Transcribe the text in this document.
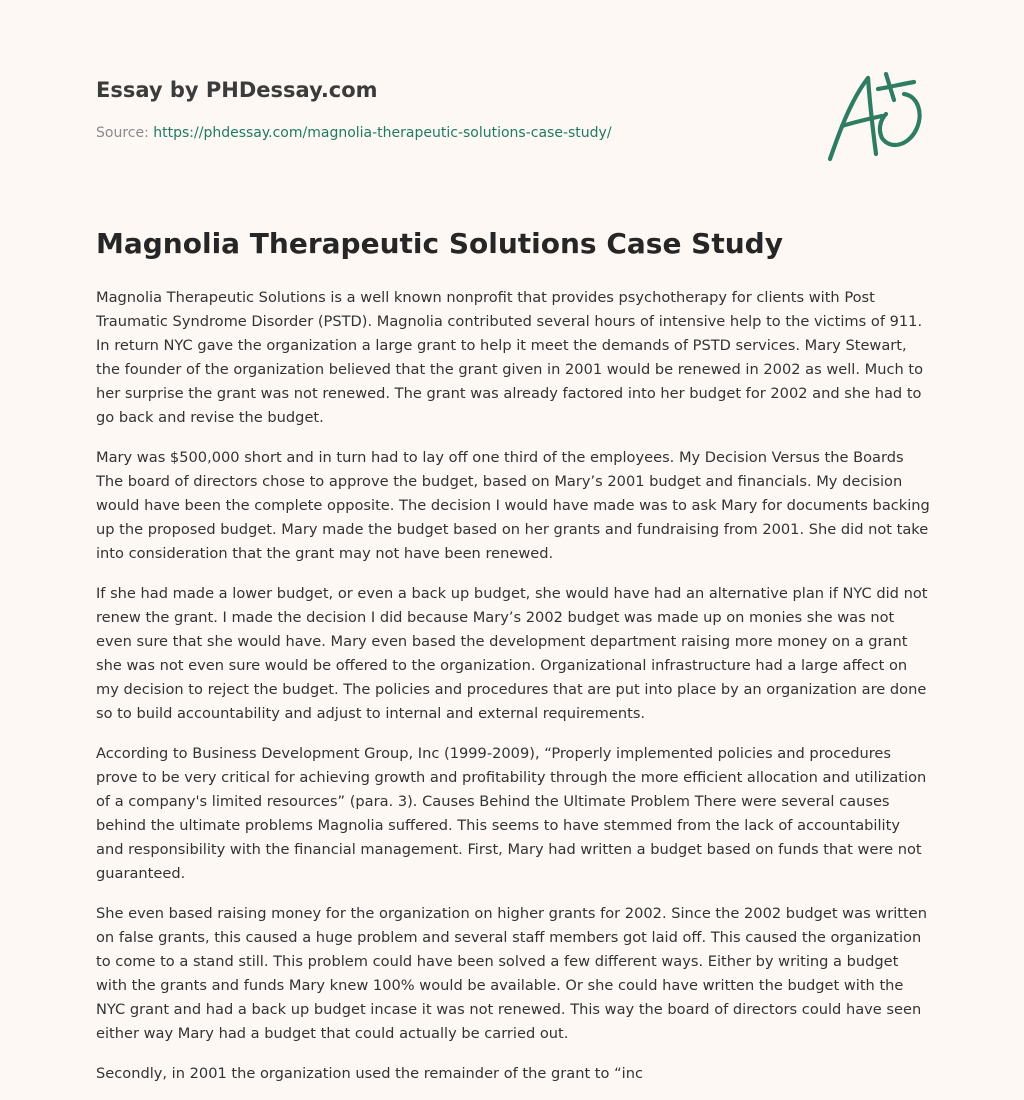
Essay by PHDessay.com
Source: https://phdessay.com/magnolia-therapeutic-solutions-case-study/
Magnolia Therapeutic Solutions Case Study

Magnolia Therapeutic Solutions is a well known nonprofit that provides psychotherapy for clients with Post Traumatic Syndrome Disorder (PSTD). Magnolia contributed several hours of intensive help to the victims of 911. In return NYC gave the organization a large grant to help it meet the demands of PSTD services. Mary Stewart, the founder of the organization believed that the grant given in 2001 would be renewed in 2002 as well. Much to her surprise the grant was not renewed. The grant was already factored into her budget for 2002 and she had to go back and revise the budget.

Mary was $500,000 short and in turn had to lay off one third of the employees. My Decision Versus the Boards The board of directors chose to approve the budget, based on Mary’s 2001 budget and financials. My decision would have been the complete opposite. The decision I would have made was to ask Mary for documents backing up the proposed budget. Mary made the budget based on her grants and fundraising from 2001. She did not take into consideration that the grant may not have been renewed.

If she had made a lower budget, or even a back up budget, she would have had an alternative plan if NYC did not renew the grant. I made the decision I did because Mary’s 2002 budget was made up on monies she was not even sure that she would have. Mary even based the development department raising more money on a grant she was not even sure would be offered to the organization. Organizational infrastructure had a large affect on my decision to reject the budget. The policies and procedures that are put into place by an organization are done so to build accountability and adjust to internal and external requirements.

According to Business Development Group, Inc (1999-2009), “Properly implemented policies and procedures prove to be very critical for achieving growth and profitability through the more efficient allocation and utilization of a company's limited resources” (para. 3). Causes Behind the Ultimate Problem There were several causes behind the ultimate problems Magnolia suffered. This seems to have stemmed from the lack of accountability and responsibility with the financial management. First, Mary had written a budget based on funds that were not guaranteed.

She even based raising money for the organization on higher grants for 2002. Since the 2002 budget was written on false grants, this caused a huge problem and several staff members got laid off. This caused the organization to come to a stand still. This problem could have been solved a few different ways. Either by writing a budget with the grants and funds Mary knew 100% would be available. Or she could have written the budget with the NYC grant and had a back up budget incase it was not renewed. This way the board of directors could have seen either way Mary had a budget that could actually be carried out.

Secondly, in 2001 the organization used the remainder of the grant to “inc
